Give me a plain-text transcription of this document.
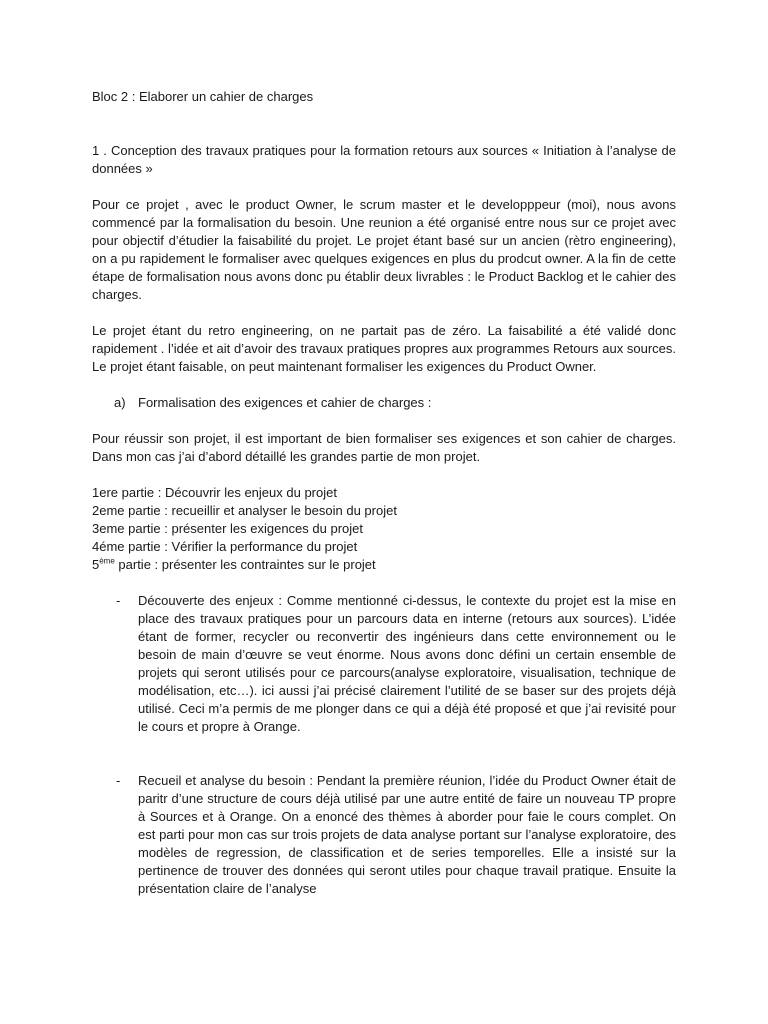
Bloc 2 : Elaborer un cahier de charges
1 . Conception des travaux pratiques pour la formation retours aux sources « Initiation à l’analyse de données »

Pour ce projet , avec le product Owner, le scrum master et le developppeur (moi), nous avons commencé par la formalisation du besoin. Une reunion a été organisé entre nous sur ce projet avec pour objectif d’étudier la faisabilité du projet. Le projet étant basé sur un ancien (rètro engineering), on a pu rapidement le formaliser avec quelques exigences en plus du prodcut owner. A la fin de cette étape de formalisation nous avons donc pu établir deux livrables : le Product Backlog et le cahier des charges.

Le projet étant du retro engineering, on ne partait pas de zéro. La faisabilité a été validé donc rapidement . l’idée et ait d’avoir des travaux pratiques propres aux programmes Retours aux sources. Le projet étant faisable, on peut maintenant formaliser les exigences du Product Owner.

a) Formalisation des exigences et cahier de charges :

Pour réussir son projet, il est important de bien formaliser ses exigences et son cahier de charges. Dans mon cas j’ai d’abord détaillé les grandes partie de mon projet.

1ere partie : Découvrir les enjeux du projet
2eme partie : recueillir et analyser le besoin du projet
3eme partie : présenter les exigences du projet
4éme partie : Vérifier la performance du projet
5ème partie : présenter les contraintes sur le projet
-	Découverte des enjeux : Comme mentionné ci-dessus, le contexte du projet est la mise en place des travaux pratiques pour un parcours data en interne (retours aux sources). L’idée étant de former, recycler ou reconvertir des ingénieurs dans cette environnement ou le besoin de main d’œuvre se veut énorme. Nous avons donc défini un certain ensemble de projets qui seront utilisés pour ce parcours(analyse exploratoire, visualisation, technique de modélisation, etc…). ici aussi j’ai précisé clairement l’utilité de se baser sur des projets déjà utilisé. Ceci m’a permis de me plonger dans ce qui a déjà été proposé et que j’ai revisité pour le cours et propre à Orange.
-	Recueil et analyse du besoin : Pendant la première réunion, l’idée du Product Owner était de paritr d’une structure de cours déjà utilisé par une autre entité de faire un nouveau TP propre à Sources et à Orange. On a enoncé des thèmes à aborder pour faie le cours complet. On est parti pour mon cas sur trois projets de data analyse portant sur l’analyse exploratoire, des modèles de regression, de classification et de series temporelles. Elle a insisté sur la pertinence de trouver des données qui seront utiles pour chaque travail pratique. Ensuite la présentation claire de l’analyse
